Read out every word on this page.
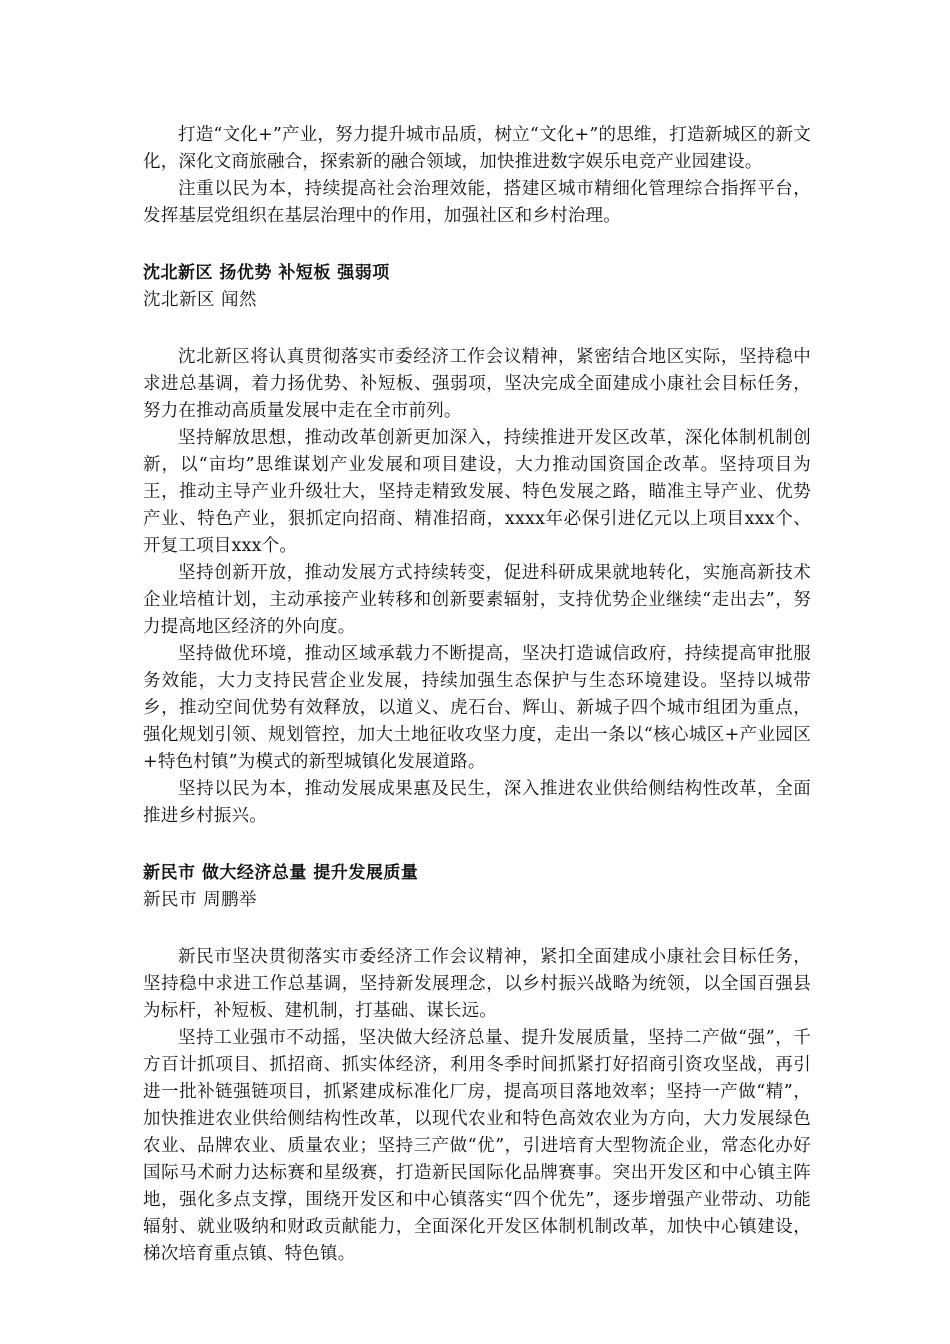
打造“文化+”产业，努力提升城市品质，树立“文化+”的思维，打造新城区的新文化，深化文商旅融合，探索新的融合领域，加快推进数字娱乐电竞产业园建设。

注重以民为本，持续提高社会治理效能，搭建区城市精细化管理综合指挥平台，发挥基层党组织在基层治理中的作用，加强社区和乡村治理。

沈北新区 扬优势 补短板 强弱项

沈北新区 闻然

沈北新区将认真贯彻落实市委经济工作会议精神，紧密结合地区实际，坚持稳中求进总基调，着力扬优势、补短板、强弱项，坚决完成全面建成小康社会目标任务，努力在推动高质量发展中走在全市前列。

坚持解放思想，推动改革创新更加深入，持续推进开发区改革，深化体制机制创新，以“亩均”思维谋划产业发展和项目建设，大力推动国资国企改革。坚持项目为王，推动主导产业升级壮大，坚持走精致发展、特色发展之路，瞄准主导产业、优势产业、特色产业，狠抓定向招商、精准招商，xxxx年必保引进亿元以上项目xxx个、开复工项目xxx个。

坚持创新开放，推动发展方式持续转变，促进科研成果就地转化，实施高新技术企业培植计划，主动承接产业转移和创新要素辐射，支持优势企业继续“走出去”，努力提高地区经济的外向度。

坚持做优环境，推动区域承载力不断提高，坚决打造诚信政府，持续提高审批服务效能，大力支持民营企业发展，持续加强生态保护与生态环境建设。坚持以城带乡，推动空间优势有效释放，以道义、虎石台、辉山、新城子四个城市组团为重点，强化规划引领、规划管控，加大土地征收攻坚力度，走出一条以“核心城区+产业园区+特色村镇”为模式的新型城镇化发展道路。

坚持以民为本，推动发展成果惠及民生，深入推进农业供给侧结构性改革，全面推进乡村振兴。

新民市 做大经济总量 提升发展质量

新民市 周鹏举

新民市坚决贯彻落实市委经济工作会议精神，紧扣全面建成小康社会目标任务，坚持稳中求进工作总基调，坚持新发展理念，以乡村振兴战略为统领，以全国百强县为标杆，补短板、建机制，打基础、谋长远。

坚持工业强市不动摇，坚决做大经济总量、提升发展质量，坚持二产做“强”，千方百计抓项目、抓招商、抓实体经济，利用冬季时间抓紧打好招商引资攻坚战，再引进一批补链强链项目，抓紧建成标准化厂房，提高项目落地效率；坚持一产做“精”，加快推进农业供给侧结构性改革，以现代农业和特色高效农业为方向，大力发展绿色农业、品牌农业、质量农业；坚持三产做“优”，引进培育大型物流企业，常态化办好国际马术耐力达标赛和星级赛，打造新民国际化品牌赛事。突出开发区和中心镇主阵地，强化多点支撑，围绕开发区和中心镇落实“四个优先”，逐步增强产业带动、功能辐射、就业吸纳和财政贡献能力，全面深化开发区体制机制改革，加快中心镇建设，梯次培育重点镇、特色镇。
